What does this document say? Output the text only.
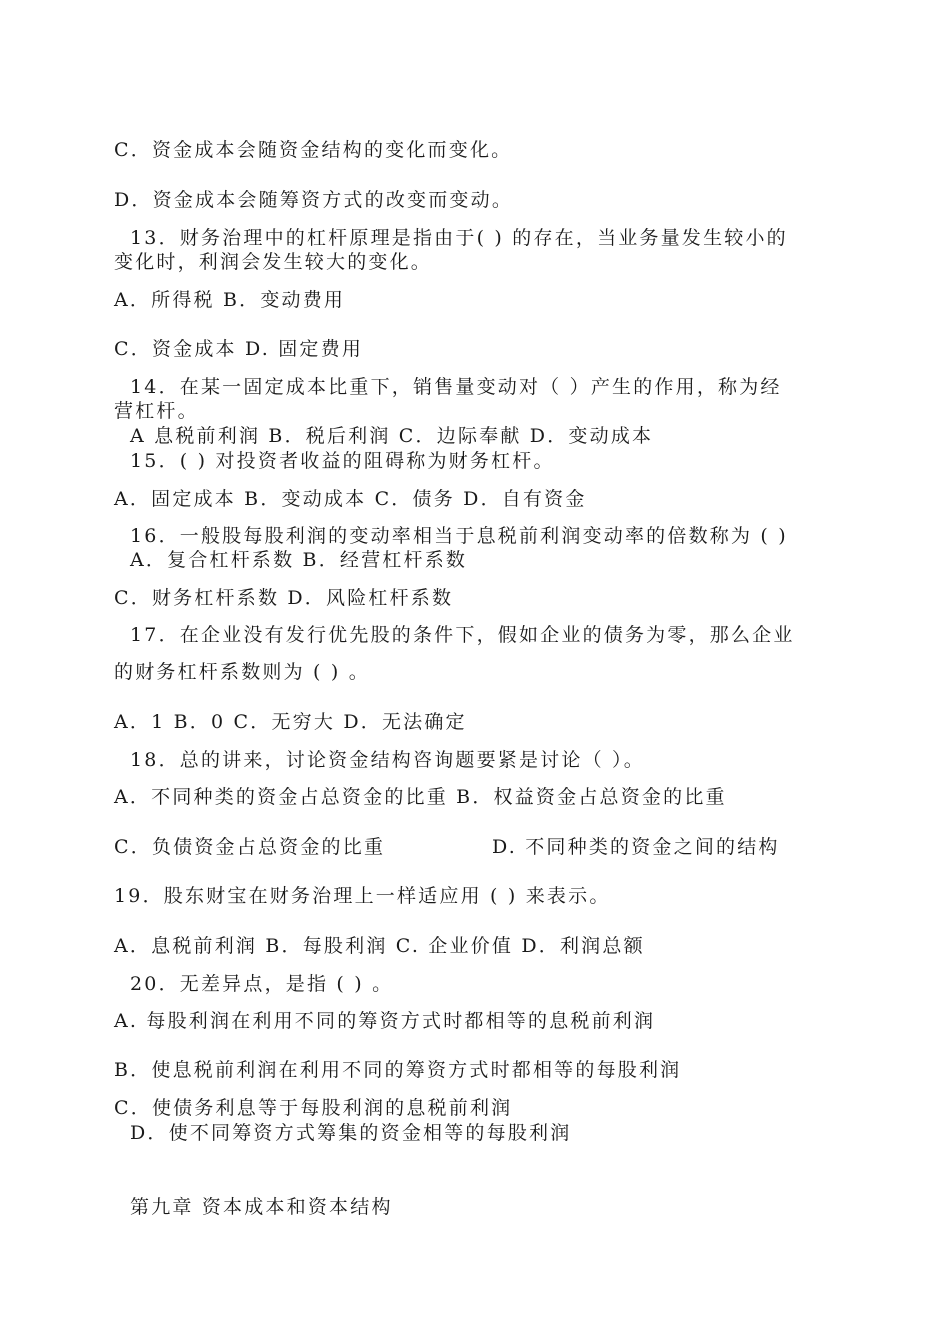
C．资金成本会随资金结构的变化而变化。
D．资金成本会随筹资方式的改变而变动。
13．财务治理中的杠杆原理是指由于( ) 的存在，当业务量发生较小的
变化时，利润会发生较大的变化。
A．所得税 B．变动费用
C．资金成本 D. 固定费用
14．在某一固定成本比重下，销售量变动对（ ）产生的作用，称为经
营杠杆。
A 息税前利润 B．税后利润 C．边际奉献 D．变动成本
15．( ) 对投资者收益的阻碍称为财务杠杆。
A．固定成本 B．变动成本 C．债务 D．自有资金
16．一般股每股利润的变动率相当于息税前利润变动率的倍数称为 ( )
A．复合杠杆系数 B．经营杠杆系数
C．财务杠杆系数 D．风险杠杆系数
17．在企业没有发行优先股的条件下，假如企业的债务为零，那么企业
的财务杠杆系数则为 ( ) 。
A．1 B．0 C．无穷大 D．无法确定
18．总的讲来，讨论资金结构咨询题要紧是讨论（ ）。
A．不同种类的资金占总资金的比重 B．权益资金占总资金的比重
C．负债资金占总资金的比重	D. 不同种类的资金之间的结构
19．股东财宝在财务治理上一样适应用 ( ) 来表示。
A．息税前利润 B．每股利润 C. 企业价值 D．利润总额
20．无差异点，是指 ( ) 。
A. 每股利润在利用不同的筹资方式时都相等的息税前利润
B．使息税前利润在利用不同的筹资方式时都相等的每股利润
C．使债务利息等于每股利润的息税前利润
D．使不同筹资方式筹集的资金相等的每股利润
第九章 资本成本和资本结构
